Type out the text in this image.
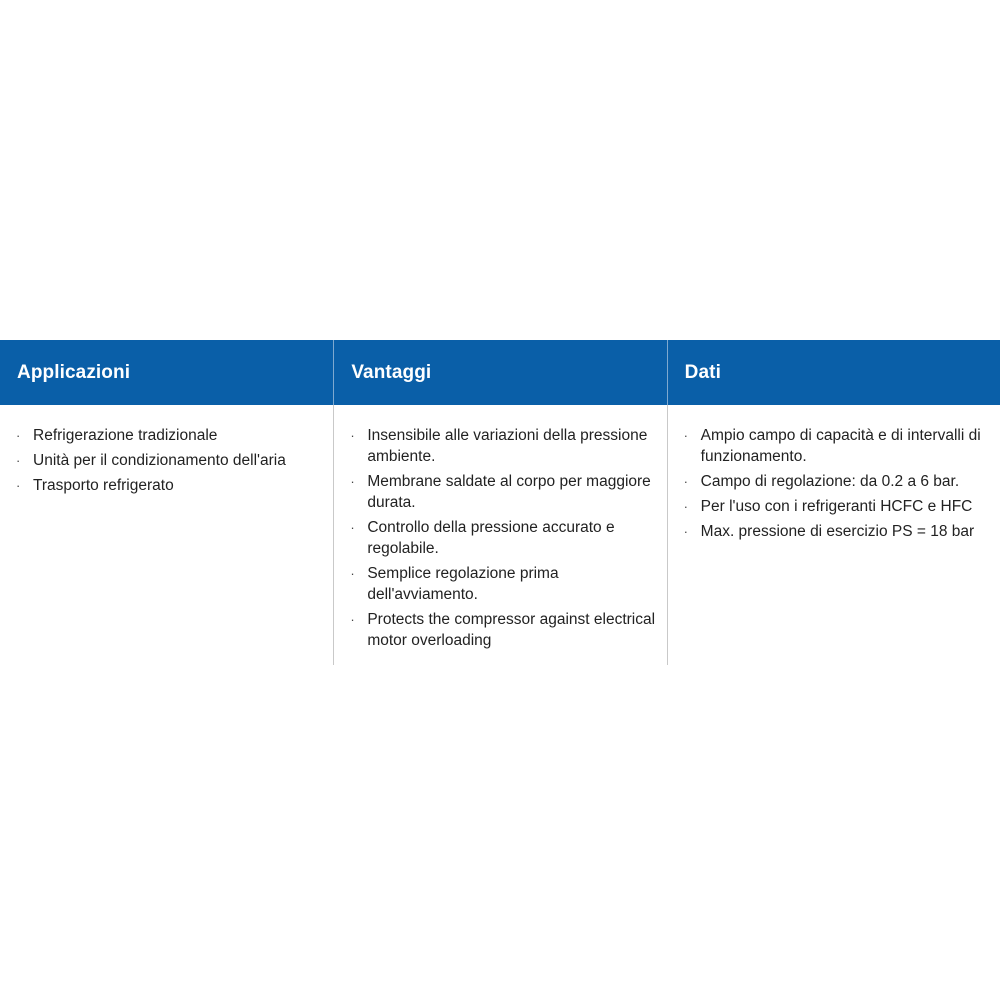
Applicazioni	Vantaggi	Dati
· Refrigerazione tradizionale
· Unità per il condizionamento dell'aria
· Trasporto refrigerato
· Insensibile alle variazioni della pressione ambiente.
· Membrane saldate al corpo per maggiore durata.
· Controllo della pressione accurato e regolabile.
· Semplice regolazione prima dell'avviamento.
· Protects the compressor against electrical motor overloading
· Ampio campo di capacità e di intervalli di funzionamento.
· Campo di regolazione: da 0.2 a 6 bar.
· Per l'uso con i refrigeranti HCFC e HFC
· Max. pressione di esercizio PS = 18 bar
